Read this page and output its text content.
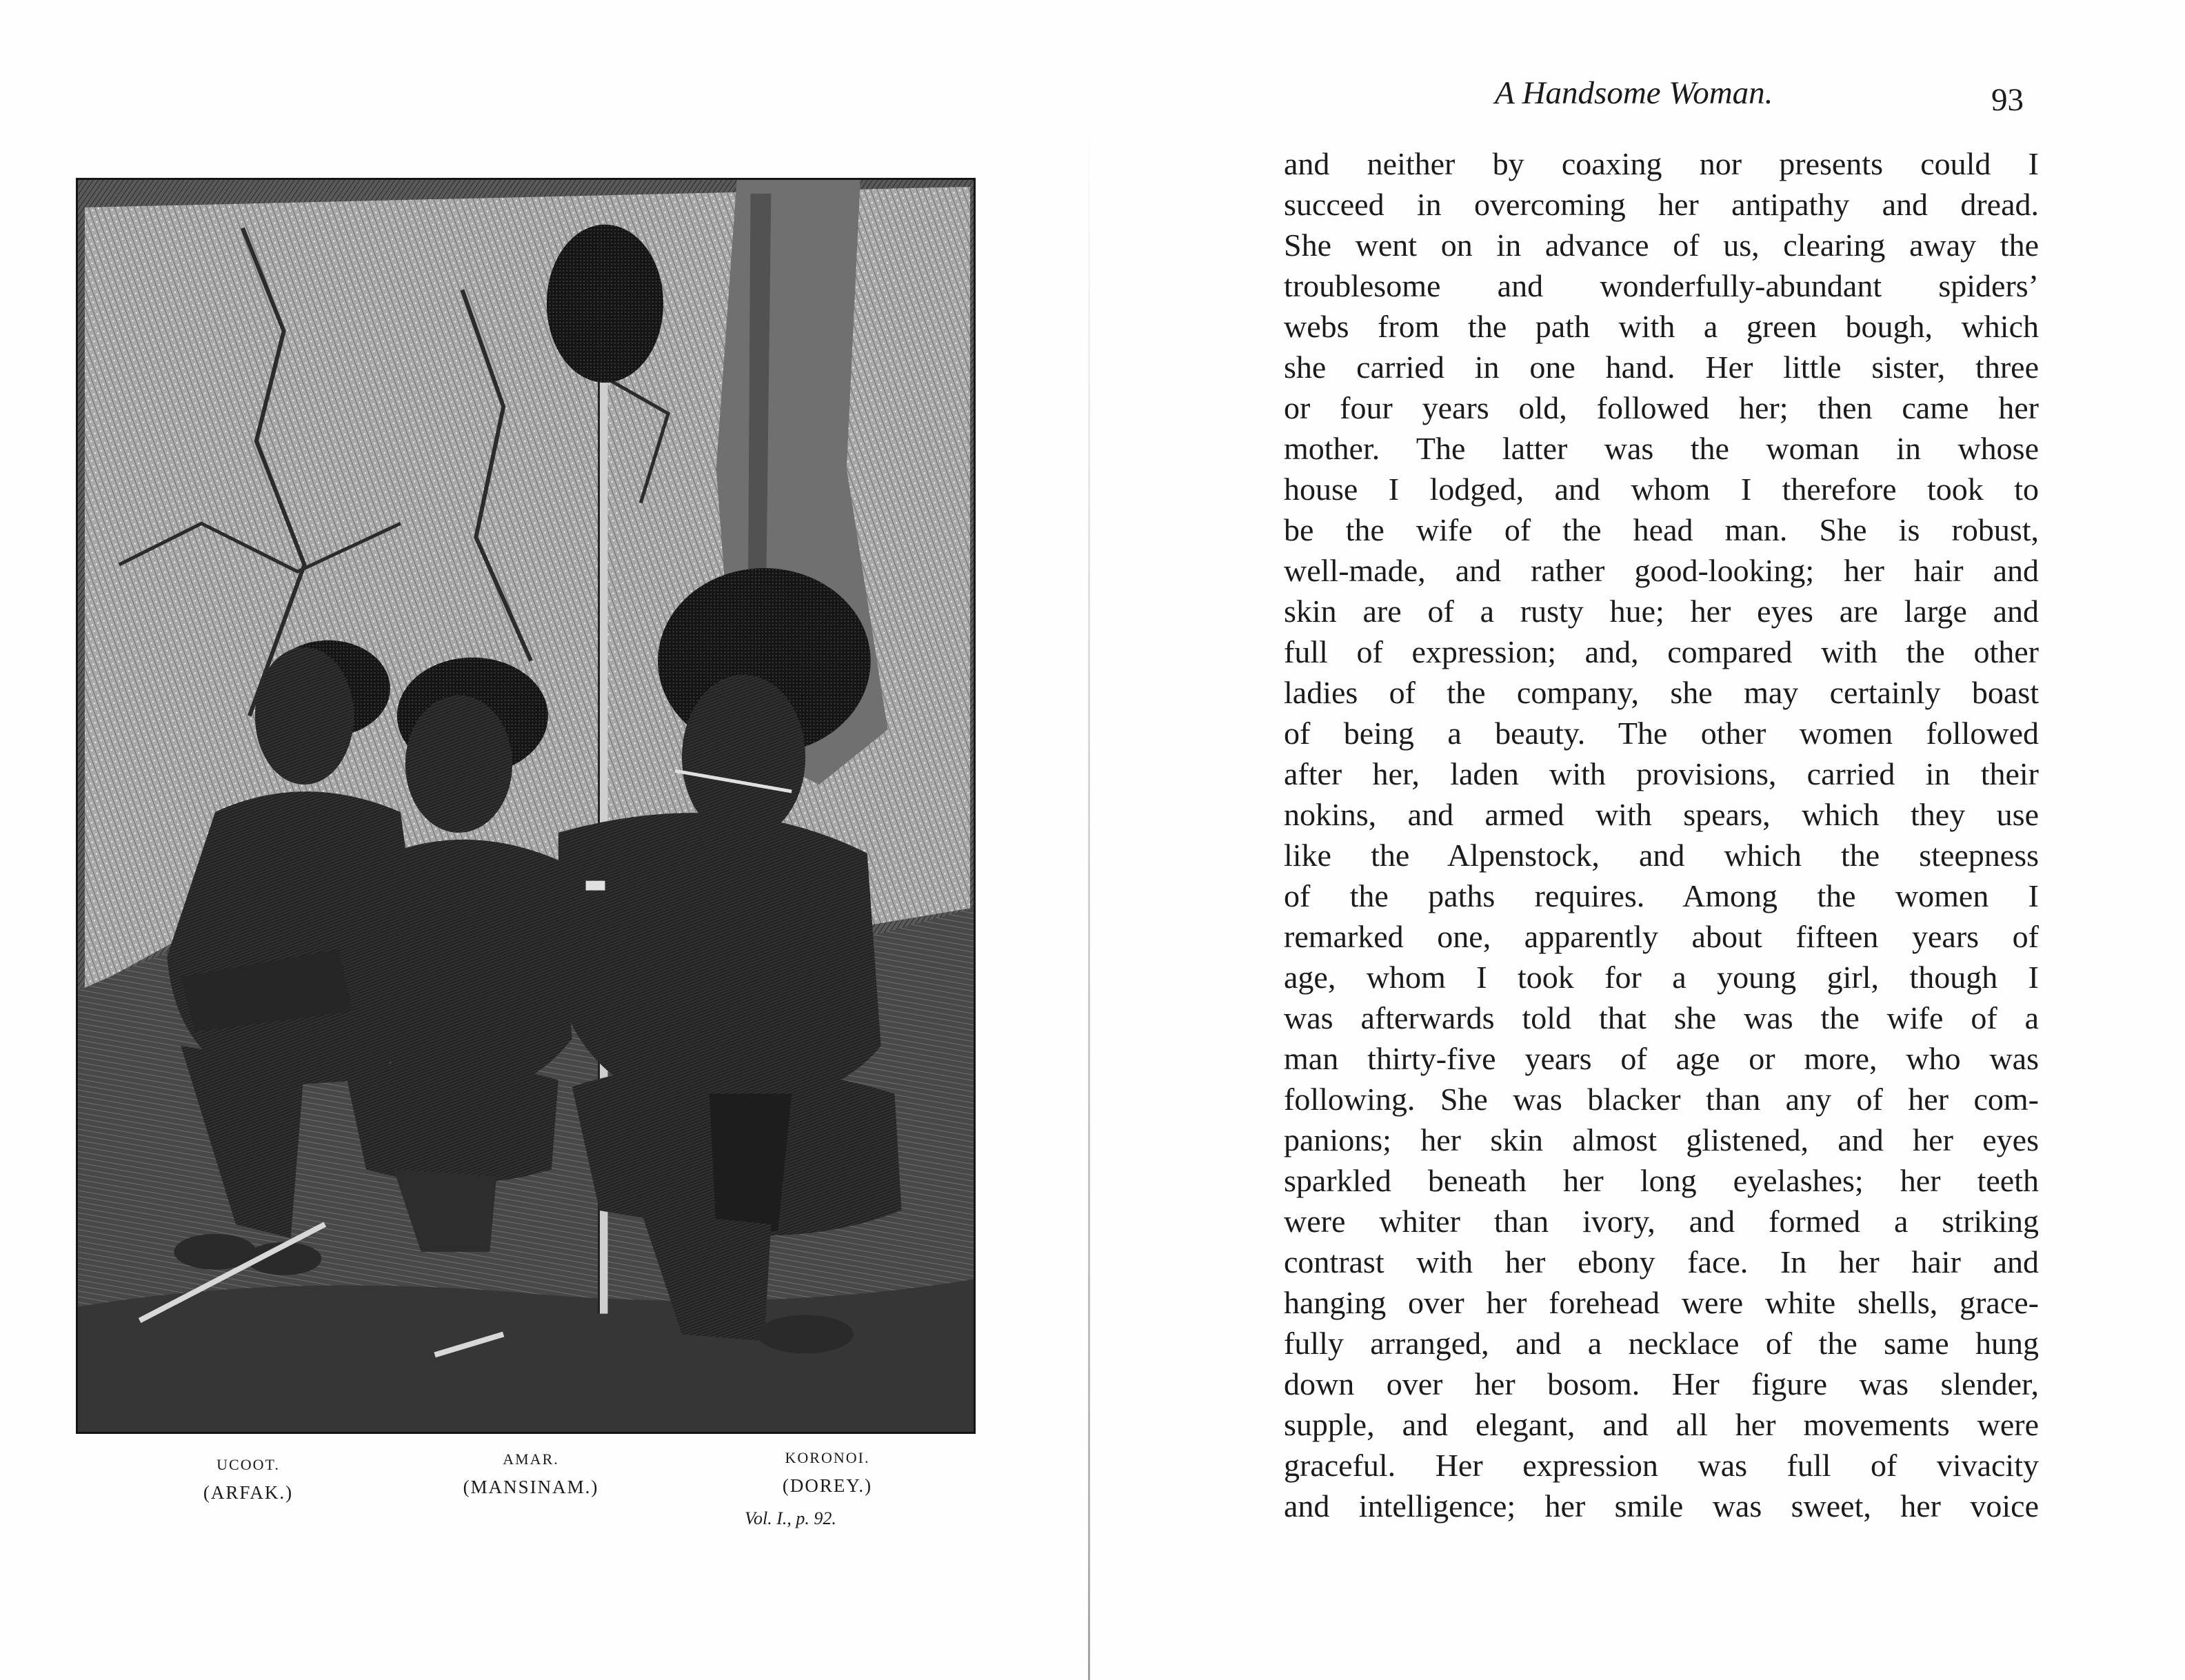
UCOOT.
(ARFAK.)
AMAR.
(MANSINAM.)
KORONOI.
(DOREY.)
Vol. I., p. 92.
A Handsome Woman.	93
and neither by coaxing nor presents could I
succeed in overcoming her antipathy and dread.
She went on in advance of us, clearing away the
troublesome and wonderfully-abundant spiders’
webs from the path with a green bough, which
she carried in one hand. Her little sister, three
or four years old, followed her; then came her
mother. The latter was the woman in whose
house I lodged, and whom I therefore took to
be the wife of the head man. She is robust,
well-made, and rather good-looking; her hair and
skin are of a rusty hue; her eyes are large and
full of expression; and, compared with the other
ladies of the company, she may certainly boast
of being a beauty. The other women followed
after her, laden with provisions, carried in their
nokins, and armed with spears, which they use
like the Alpenstock, and which the steepness
of the paths requires. Among the women I
remarked one, apparently about fifteen years of
age, whom I took for a young girl, though I
was afterwards told that she was the wife of a
man thirty-five years of age or more, who was
following. She was blacker than any of her com-
panions; her skin almost glistened, and her eyes
sparkled beneath her long eyelashes; her teeth
were whiter than ivory, and formed a striking
contrast with her ebony face. In her hair and
hanging over her forehead were white shells, grace-
fully arranged, and a necklace of the same hung
down over her bosom. Her figure was slender,
supple, and elegant, and all her movements were
graceful. Her expression was full of vivacity
and intelligence; her smile was sweet, her voice
